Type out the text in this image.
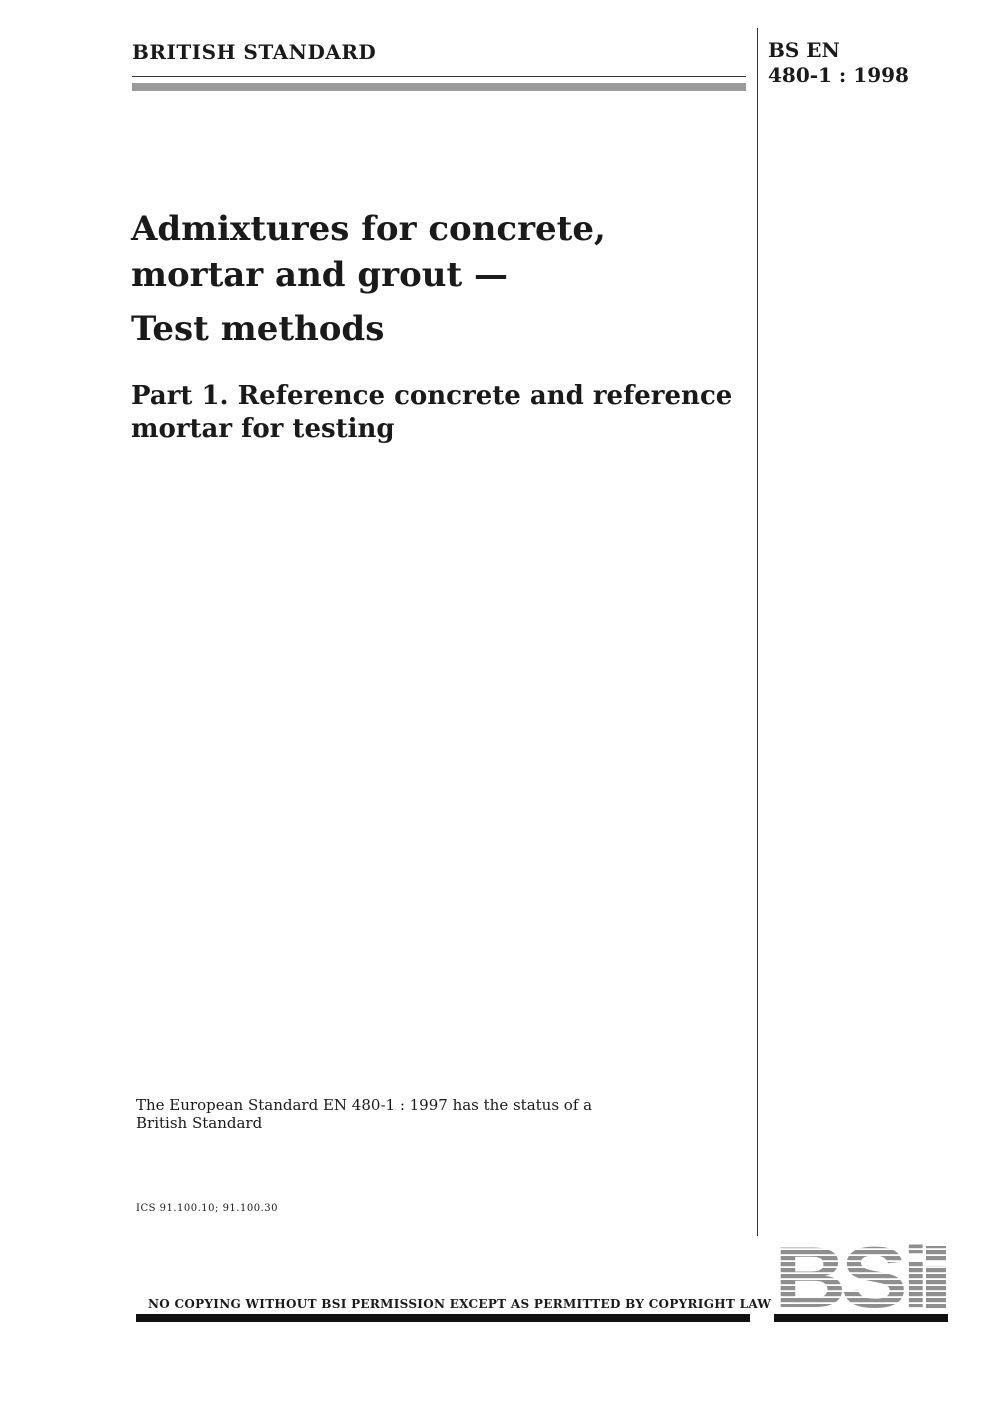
BRITISH STANDARD	BS EN
480-1 : 1998
Admixtures for concrete,
mortar and grout —
Test methods
Part 1. Reference concrete and reference
mortar for testing
The European Standard EN 480-1 : 1997 has the status of a
British Standard
ICS 91.100.10; 91.100.30
NO COPYING WITHOUT BSI PERMISSION EXCEPT AS PERMITTED BY COPYRIGHT LAW
